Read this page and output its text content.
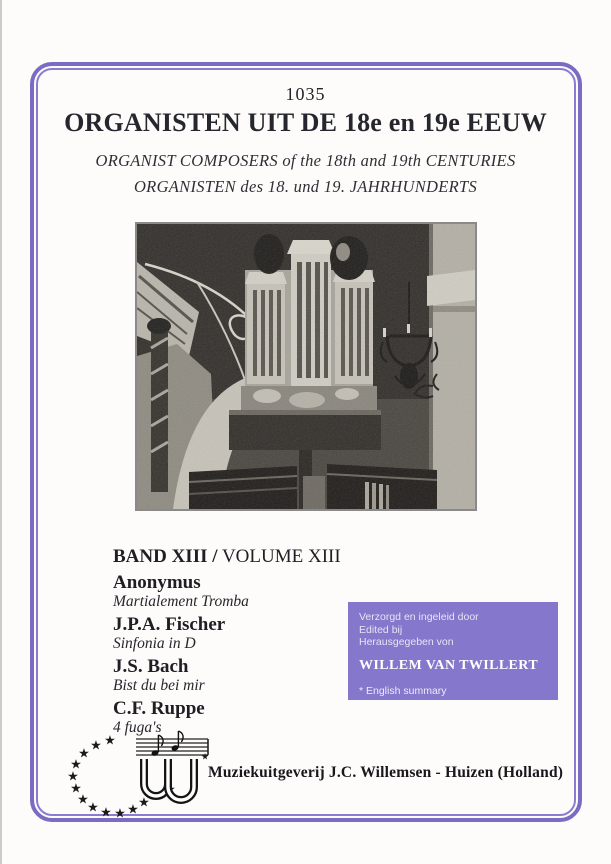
1035
ORGANISTEN UIT DE 18e en 19e EEUW
ORGANIST COMPOSERS of the 18th and 19th CENTURIES
ORGANISTEN des 18. und 19. JAHRHUNDERTS
BAND XIII / VOLUME XIII
Anonymus
Martialement Tromba
J.P.A. Fischer
Sinfonia in D
J.S. Bach
Bist du bei mir
C.F. Ruppe
4 fuga's
Verzorgd en ingeleid door
Edited bij
Herausgegeben von
WILLEM VAN TWILLERT
* English summary
★
★
★
★
★
★
★
★ ★ ★ ★ ★
★
★
Muziekuitgeverij J.C. Willemsen - Huizen (Holland)
